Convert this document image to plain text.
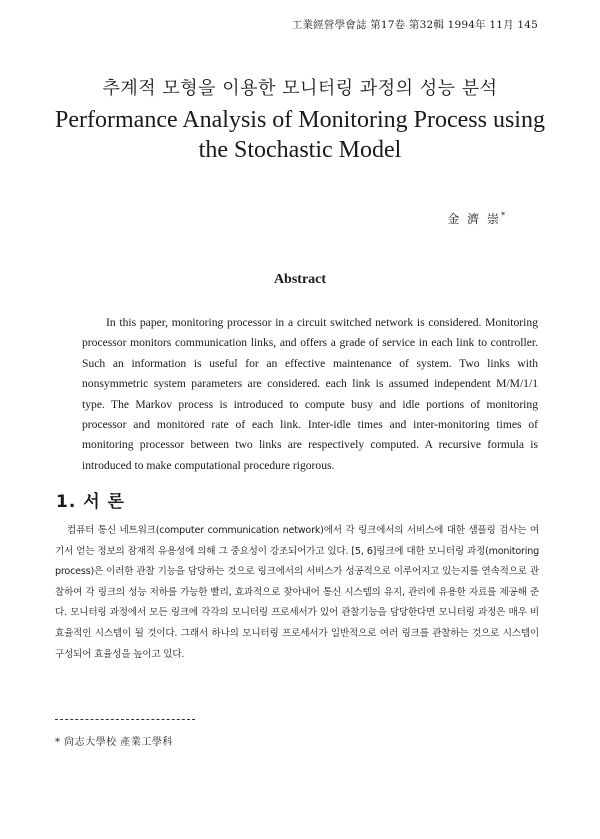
工業經營學會誌 第17卷 第32輯 1994年 11月 145
추계적 모형을 이용한 모니터링 과정의 성능 분석
Performance Analysis of Monitoring Process using the Stochastic Model
金 濟 崇*
Abstract
In this paper, monitoring processor in a circuit switched network is considered. Monitoring processor monitors communication links, and offers a grade of service in each link to controller. Such an information is useful for an effective maintenance of system. Two links with nonsymmetric system parameters are considered. each link is assumed independent M/M/1/1 type. The Markov process is introduced to compute busy and idle portions of monitoring processor and monitored rate of each link. Inter-idle times and inter-monitoring times of monitoring processor between two links are respectively computed. A recursive formula is introduced to make computational procedure rigorous.
1. 서 론
컴퓨터 통신 네트워크(computer communication network)에서 각 링크에서의 서비스에 대한 샘플링 검사는 여기서 얻는 정보의 잠재적 유용성에 의해 그 중요성이 강조되어가고 있다. [5, 6]링크에 대한 모니터링 과정(monitoring process)은 이러한 관찰 기능을 담당하는 것으로 링크에서의 서비스가 성공적으로 이루어지고 있는지를 연속적으로 관찰하여 각 링크의 성능 저하를 가능한 빨리, 효과적으로 찾아내어 통신 시스템의 유지, 관리에 유용한 자료를 제공해 준다. 모니터링 과정에서 모든 링크에 각각의 모니터링 프로세서가 있어 관찰기능을 담당한다면 모니터링 과정은 매우 비효율적인 시스템이 될 것이다. 그래서 하나의 모니터링 프로세서가 일반적으로 여러 링크를 관찰하는 것으로 시스템이 구성되어 효율성을 높이고 있다.
* 尙志大學校 產業工學科
